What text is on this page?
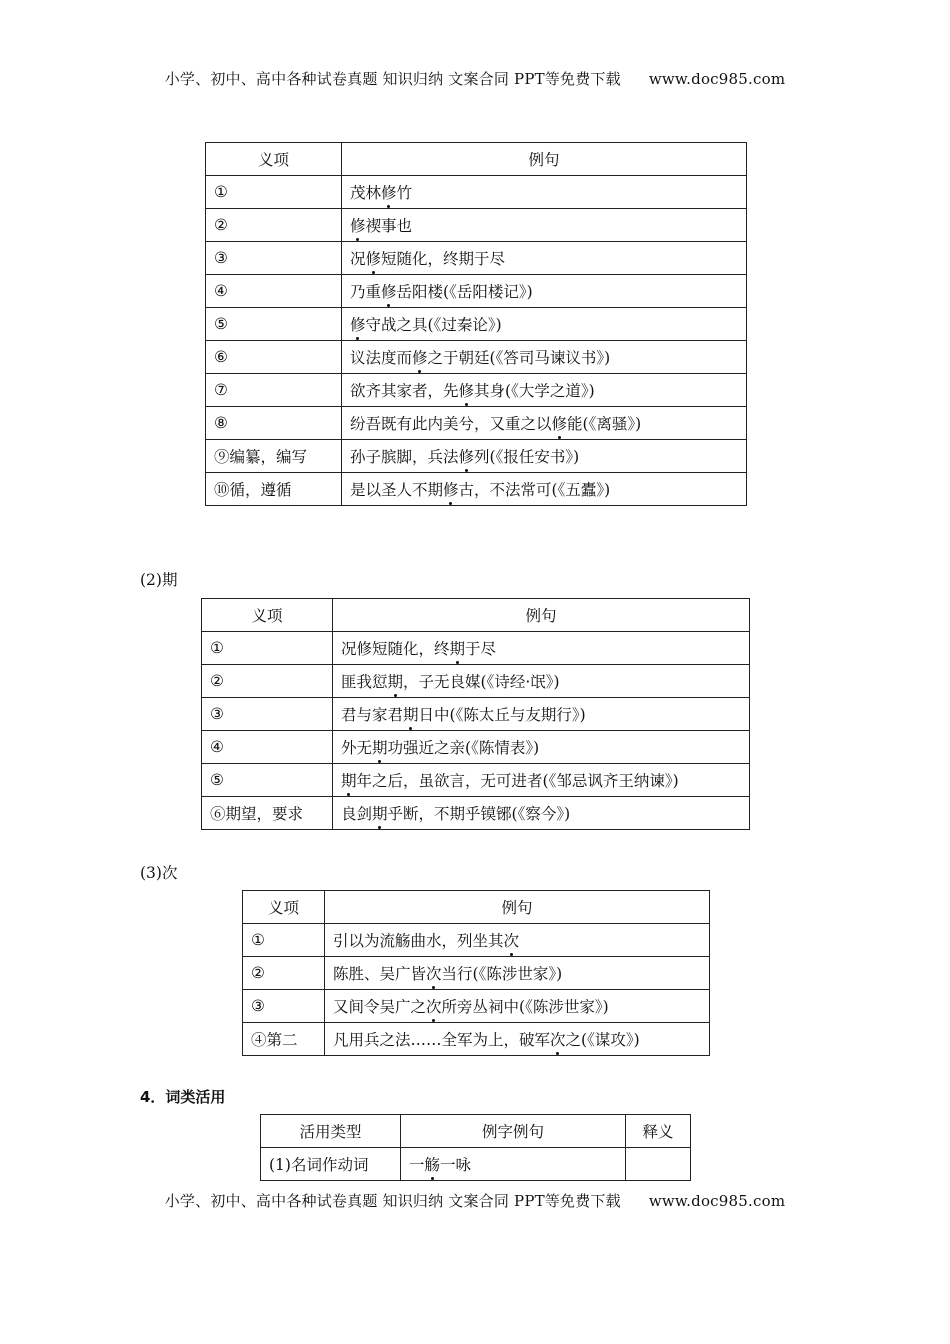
小学、初中、高中各种试卷真题 知识归纳 文案合同 PPT等免费下载 www.doc985.com
义项	例句
①	茂林修竹
②	修禊事也
③	况修短随化，终期于尽
④	乃重修岳阳楼(《岳阳楼记》)
⑤	修守战之具(《过秦论》)
⑥	议法度而修之于朝廷(《答司马谏议书》)
⑦	欲齐其家者，先修其身(《大学之道》)
⑧	纷吾既有此内美兮，又重之以修能(《离骚》)
⑨编纂，编写	孙子膑脚，兵法修列(《报任安书》)
⑩循，遵循	是以圣人不期修古，不法常可(《五蠹》)
(2)期
义项	例句
①	况修短随化，终期于尽
②	匪我愆期，子无良媒(《诗经·氓》)
③	君与家君期日中(《陈太丘与友期行》)
④	外无期功强近之亲(《陈情表》)
⑤	期年之后，虽欲言，无可进者(《邹忌讽齐王纳谏》)
⑥期望，要求	良剑期乎断，不期乎镆铘(《察今》)
(3)次
义项	例句
①	引以为流觞曲水，列坐其次
②	陈胜、吴广皆次当行(《陈涉世家》)
③	又间令吴广之次所旁丛祠中(《陈涉世家》)
④第二	凡用兵之法……全军为上，破军次之(《谋攻》)
4．词类活用
活用类型	例字例句	释义
(1)名词作动词	一觞一咏	
小学、初中、高中各种试卷真题 知识归纳 文案合同 PPT等免费下载 www.doc985.com
